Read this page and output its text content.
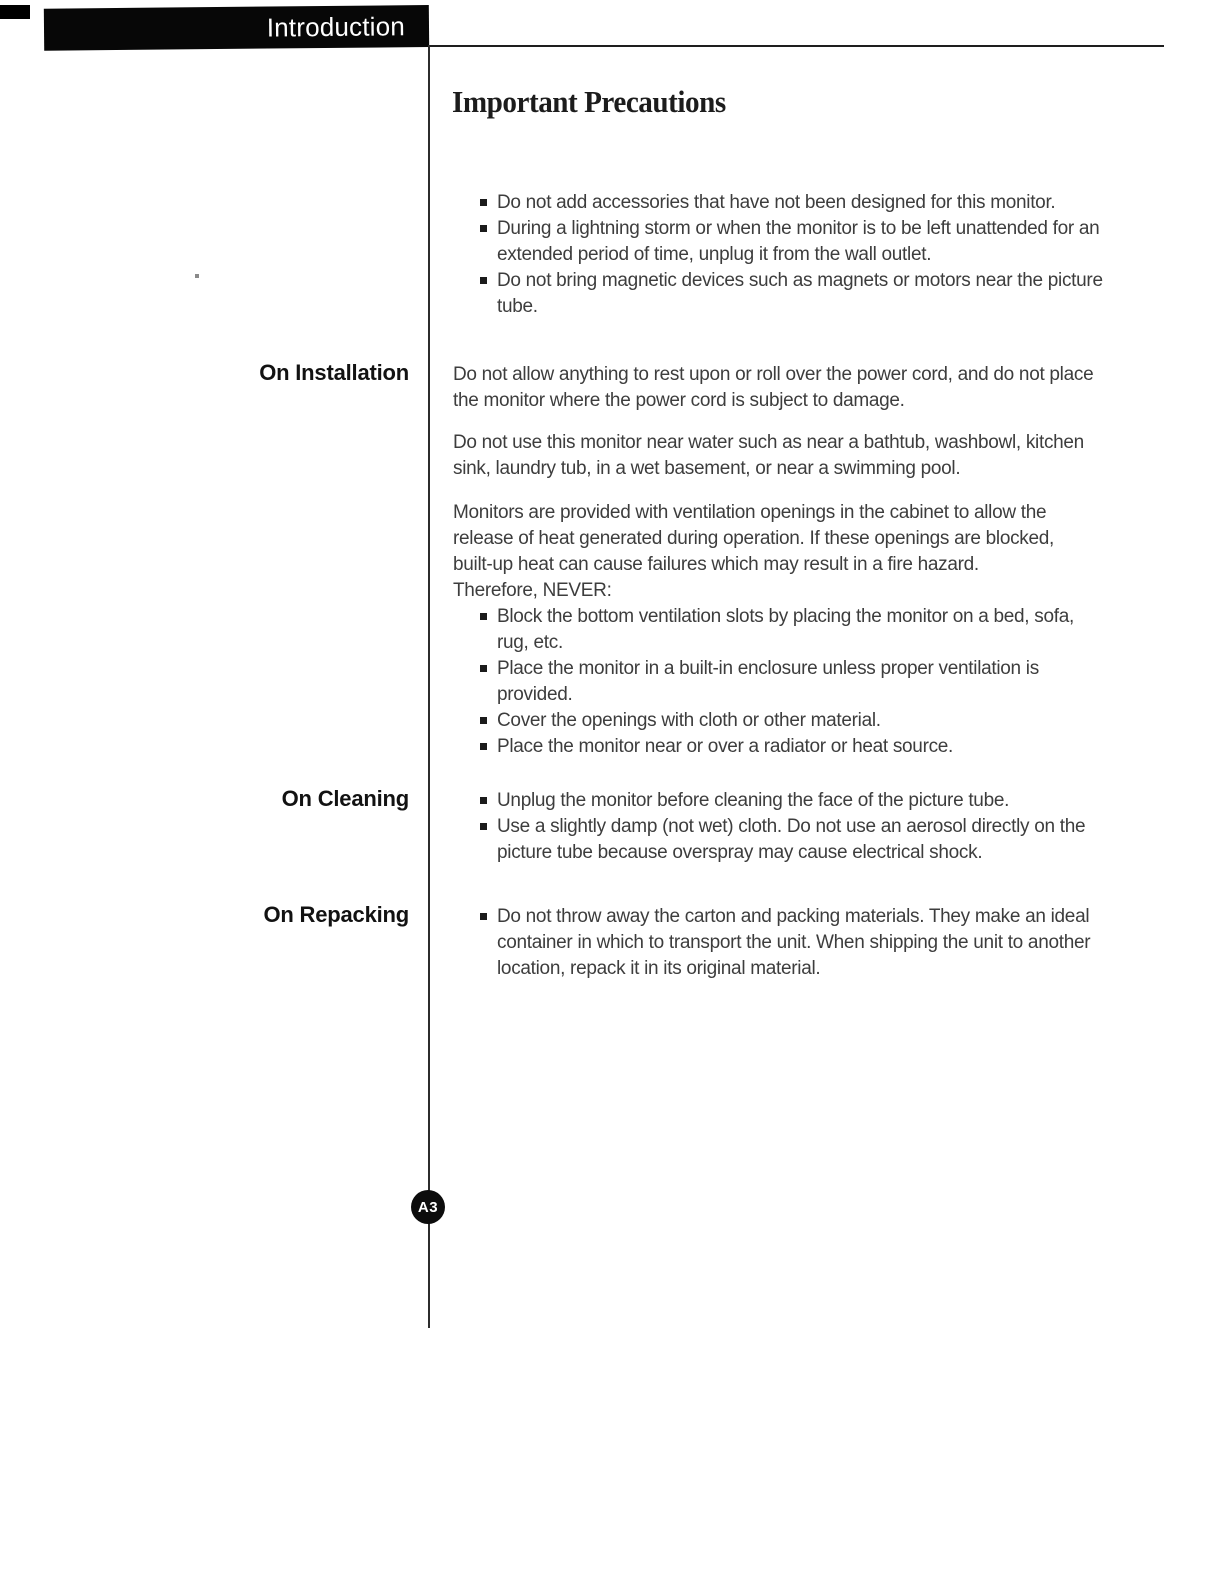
Introduction
Important Precautions
Do not add accessories that have not been designed for this monitor.
During a lightning storm or when the monitor is to be left unattended for an extended period of time, unplug it from the wall outlet.
Do not bring magnetic devices such as magnets or motors near the picture tube.
On Installation Do not allow anything to rest upon or roll over the power cord, and do not place the monitor where the power cord is subject to damage.

Do not use this monitor near water such as near a bathtub, washbowl, kitchen sink, laundry tub, in a wet basement, or near a swimming pool.

Monitors are provided with ventilation openings in the cabinet to allow the release of heat generated during operation. If these openings are blocked, built-up heat can cause failures which may result in a fire hazard.

Therefore, NEVER:

Block the bottom ventilation slots by placing the monitor on a bed, sofa, rug, etc.
Place the monitor in a built-in enclosure unless proper ventilation is provided.
Cover the openings with cloth or other material.
Place the monitor near or over a radiator or heat source.
On Cleaning	Unplug the monitor before cleaning the face of the picture tube.
Use a slightly damp (not wet) cloth. Do not use an aerosol directly on the picture tube because overspray may cause electrical shock.
On Repacking	Do not throw away the carton and packing materials. They make an ideal container in which to transport the unit. When shipping the unit to another location, repack it in its original material.
A3
